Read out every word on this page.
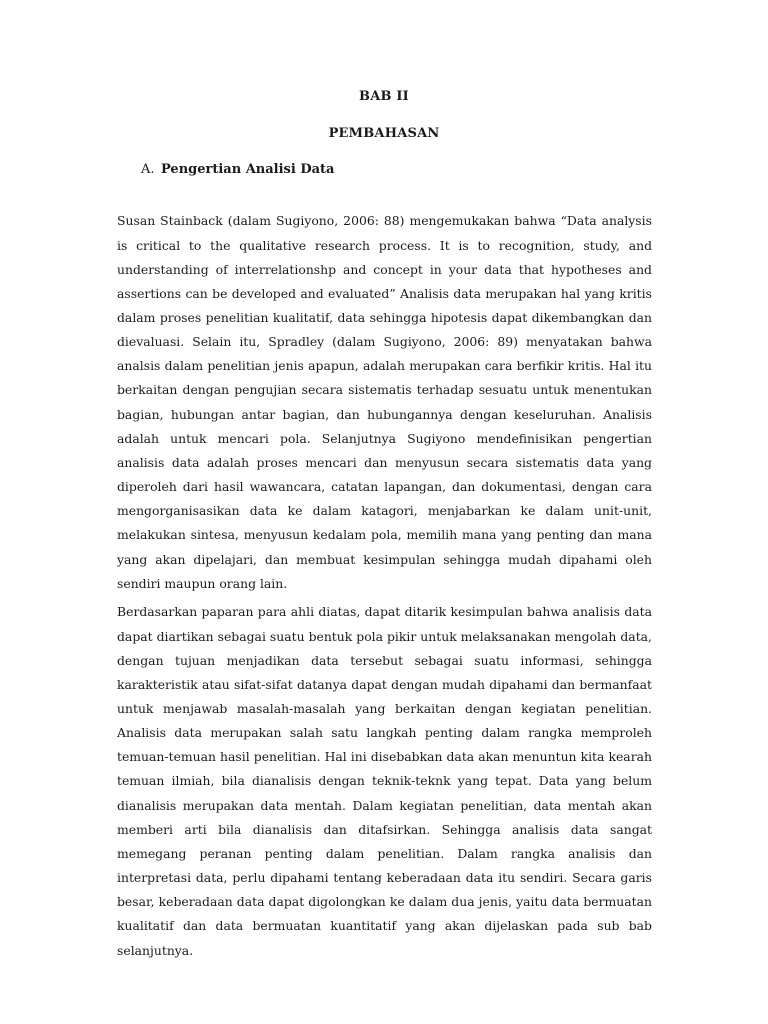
BAB II
PEMBAHASAN
A. Pengertian Analisi Data

Susan Stainback (dalam Sugiyono, 2006: 88) mengemukakan bahwa “Data analysis is critical to the qualitative research process. It is to recognition, study, and understanding of interrelationshp and concept in your data that hypotheses and assertions can be developed and evaluated” Analisis data merupakan hal yang kritis dalam proses penelitian kualitatif, data sehingga hipotesis dapat dikembangkan dan dievaluasi. Selain itu, Spradley (dalam Sugiyono, 2006: 89) menyatakan bahwa analsis dalam penelitian jenis apapun, adalah merupakan cara berfikir kritis. Hal itu berkaitan dengan pengujian secara sistematis terhadap sesuatu untuk menentukan bagian, hubungan antar bagian, dan hubungannya dengan keseluruhan. Analisis adalah untuk mencari pola. Selanjutnya Sugiyono mendefinisikan pengertian analisis data adalah proses mencari dan menyusun secara sistematis data yang diperoleh dari hasil wawancara, catatan lapangan, dan dokumentasi, dengan cara mengorganisasikan data ke dalam katagori, menjabarkan ke dalam unit-unit, melakukan sintesa, menyusun kedalam pola, memilih mana yang penting dan mana yang akan dipelajari, dan membuat kesimpulan sehingga mudah dipahami oleh sendiri maupun orang lain.

Berdasarkan paparan para ahli diatas, dapat ditarik kesimpulan bahwa analisis data dapat diartikan sebagai suatu bentuk pola pikir untuk melaksanakan mengolah data, dengan tujuan menjadikan data tersebut sebagai suatu informasi, sehingga karakteristik atau sifat-sifat datanya dapat dengan mudah dipahami dan bermanfaat untuk menjawab masalah-masalah yang berkaitan dengan kegiatan penelitian. Analisis data merupakan salah satu langkah penting dalam rangka memproleh temuan-temuan hasil penelitian. Hal ini disebabkan data akan menuntun kita kearah temuan ilmiah, bila dianalisis dengan teknik-teknk yang tepat. Data yang belum dianalisis merupakan data mentah. Dalam kegiatan penelitian, data mentah akan memberi arti bila dianalisis dan ditafsirkan. Sehingga analisis data sangat memegang peranan penting dalam penelitian. Dalam rangka analisis dan interpretasi data, perlu dipahami tentang keberadaan data itu sendiri. Secara garis besar, keberadaan data dapat digolongkan ke dalam dua jenis, yaitu data bermuatan kualitatif dan data bermuatan kuantitatif yang akan dijelaskan pada sub bab selanjutnya.
